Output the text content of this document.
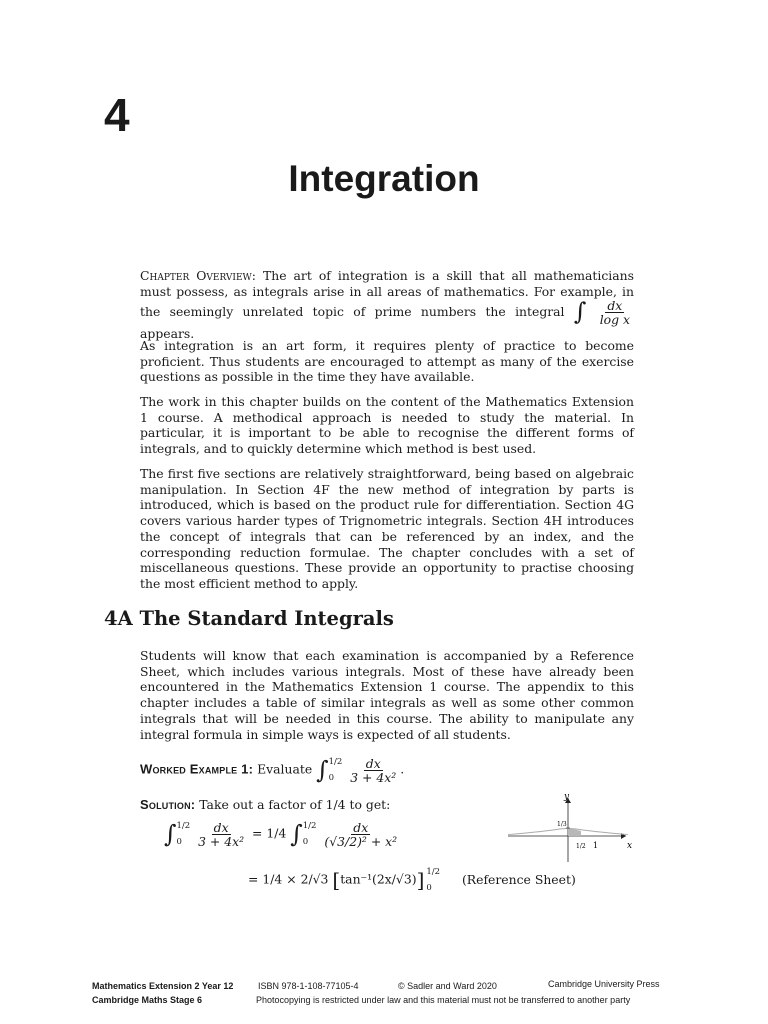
4
Integration

Chapter Overview: The art of integration is a skill that all mathematicians must possess, as integrals arise in all areas of mathematics. For example, in the seemingly unrelated topic of prime numbers the integral ∫ $\frac{dx}{\text{log x}}$
appears.

As integration is an art form, it requires plenty of practice to become proficient. Thus students are encouraged to attempt as many of the exercise questions as possible in the time they have available.

The work in this chapter builds on the content of the Mathematics Extension 1 course. A methodical approach is needed to study the material. In particular, it is important to be able to recognise the different forms of integrals, and to quickly determine which method is best used.

The first five sections are relatively straightforward, being based on algebraic manipulation. In Section 4F the new method of integration by parts is introduced, which is based on the product rule for differentiation. Section 4G covers various harder types of Trignometric integrals. Section 4H introduces the concept of integrals that can be referenced by an index, and the corresponding reduction formulae. The chapter concludes with a set of miscellaneous questions. These provide an opportunity to practise choosing the most efficient method to apply.

4A The Standard Integrals

Students will know that each examination is accompanied by a Reference Sheet, which includes various integrals. Most of these have already been encountered in the Mathematics Extension 1 course. The appendix to this chapter includes a table of similar integrals as well as some other common integrals that will be needed in this course. The ability to manipulate any integral formula in simple ways is expected of all students.

Worked Example 1: Evaluate ∫ 1/2
0
	$\frac{dx}{\text{3 + 4x²}}$ .
Solution: Take out a factor of 1/4 to get:
∫ 1/2
0
	$\frac{dx}{\text{3 + 4x²}} = 1/4$ ∫ 1/2
0
	$\frac{dx}{\text{(√3/2)² + x²}}$
= 1/4 × 2/√3 [tan⁻¹(2x/√3)] 1/2
0
(Reference Sheet)
y
x
1/3
1/2 1
Mathematics Extension 2 Year 12	ISBN 978-1-108-77105-4	© Sadler and Ward 2020	Cambridge University Press
Cambridge Maths Stage 6	Photocopying is restricted under law and this material must not be transferred to another party
